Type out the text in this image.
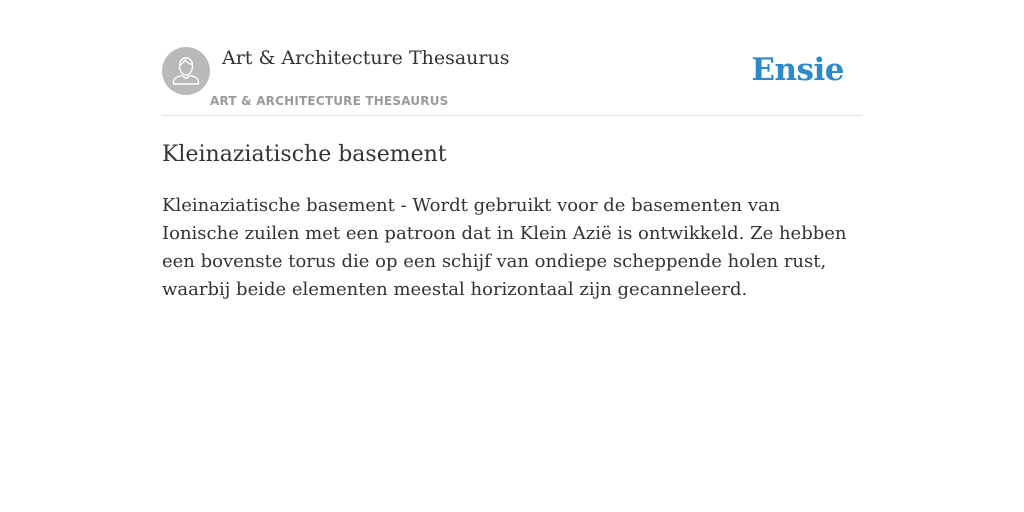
Art & Architecture Thesaurus
ART & ARCHITECTURE THESAURUS
Ensie
Kleinaziatische basement

Kleinaziatische basement - Wordt gebruikt voor de basementen van Ionische zuilen met een patroon dat in Klein Azië is ontwikkeld. Ze hebben een bovenste torus die op een schijf van ondiepe scheppende holen rust, waarbij beide elementen meestal horizontaal zijn gecanneleerd.
